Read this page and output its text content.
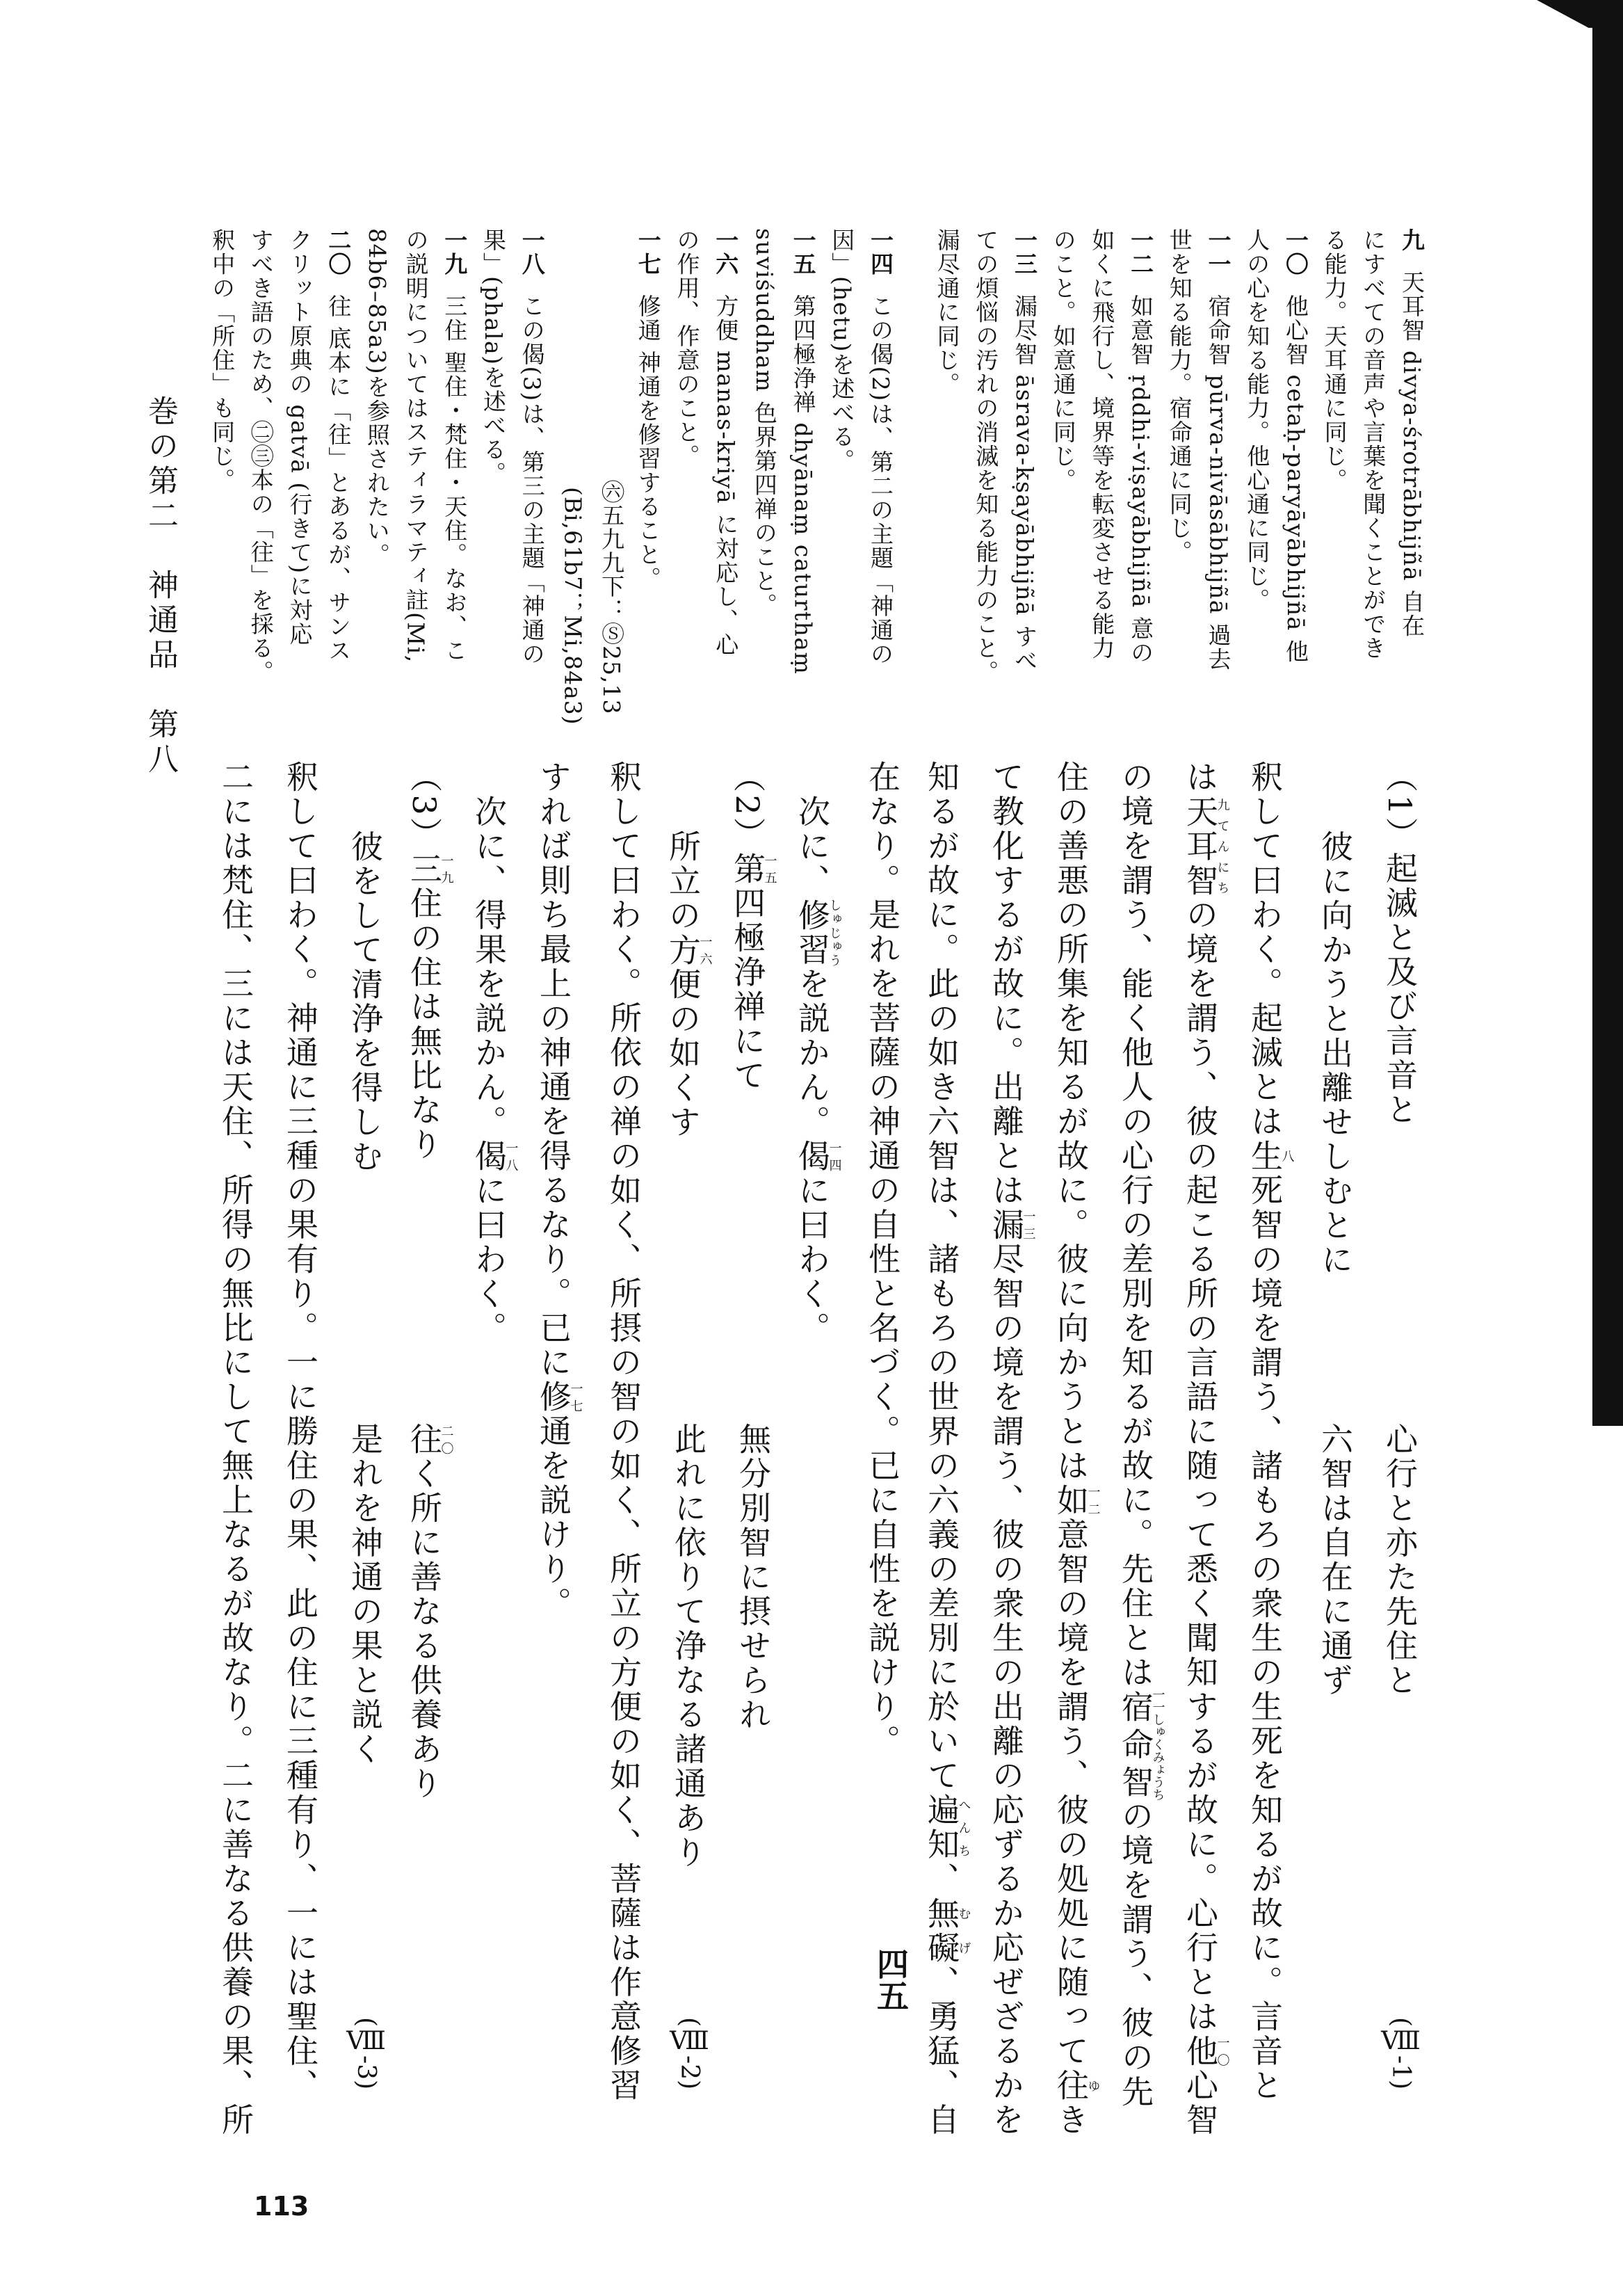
九 天耳智 divya-śrotrābhijñā 自在
にすべての音声や言葉を聞くことができ
る能力。天耳通に同じ。
一〇 他心智 cetaḥ-paryāyābhijñā 他
人の心を知る能力。他心通に同じ。
一一 宿命智 pūrva-nivāsābhijñā 過去
世を知る能力。宿命通に同じ。
一二 如意智 ṛddhi-viṣayābhijñā 意の
如くに飛行し、境界等を転変させる能力
のこと。如意通に同じ。
一三 漏尽智 āsrava-kṣayābhijñā すべ
ての煩悩の汚れの消滅を知る能力のこと。
漏尽通に同じ。
一四 この偈(2)は、第二の主題「神通の
因」(hetu)を述べる。
一五 第四極浄禅 dhyānaṃ caturthaṃ
suviśuddham 色界第四禅のこと。
一六 方便 manas-kriyā に対応し、心
の作用、作意のこと。
一七 修通 神通を修習すること。
㊅五九九下：Ⓢ25,13
(Bi,61b7；Mi,84a3)
一八 この偈(3)は、第三の主題「神通の
果」(phala)を述べる。
一九 三住 聖住・梵住・天住。なお、こ
の説明についてはスティラマティ註(Mi,
84b6–85a3)を参照されたい。
二〇 往 底本に「往」とあるが、サンス
クリット原典の gatvā (行きて)に対応
すべき語のため、㊁㊂本の「往」を採る。
釈中の「所住」も同じ。
（1）起滅と及び言音と
心行と亦た先住と
(Ⅷ-1)
彼に向かうと出離せしむとに
六智は自在に通ず
釈して曰わく。起滅とは生八死智の境を謂う、諸もろの衆生の生死を知るが故に。言音と
は天耳智九てんにちの境を謂う、彼の起こる所の言語に随って悉く聞知するが故に。心行とは他一〇心智
の境を謂う、能く他人の心行の差別を知るが故に。先住とは宿命智一一しゅくみょうちの境を謂う、彼の先
住の善悪の所集を知るが故に。彼に向かうとは如一二意智の境を謂う、彼の処処に随って往ゆき
て教化するが故に。出離とは漏一三尽智の境を謂う、彼の衆生の出離の応ずるか応ぜざるかを
知るが故に。此の如き六智は、諸もろの世界の六義の差別に於いて遍知へんち、無礙むげ、勇猛、自
在なり。是れを菩薩の神通の自性と名づく。已に自性を説けり。
次に、修習しゅじゅうを説かん。偈一四に曰わく。
（2）第一五四極浄禅にて
無分別智に摂せられ
所立の方一六便の如くす
此れに依りて浄なる諸通あり
(Ⅷ-2)
釈して曰わく。所依の禅の如く、所摂の智の如く、所立の方便の如く、菩薩は作意修習
すれば則ち最上の神通を得るなり。已に修一七通を説けり。
次に、得果を説かん。偈一八に曰わく。
（3）三一九住の住は無比なり
往二〇く所に善なる供養あり
彼をして清浄を得しむ
是れを神通の果と説く
(Ⅷ-3)
釈して曰わく。神通に三種の果有り。一に勝住の果、此の住に三種有り、一には聖住、
二には梵住、三には天住、所得の無比にして無上なるが故なり。二に善なる供養の果、所
巻の第二　神通品　第八
四五
113
